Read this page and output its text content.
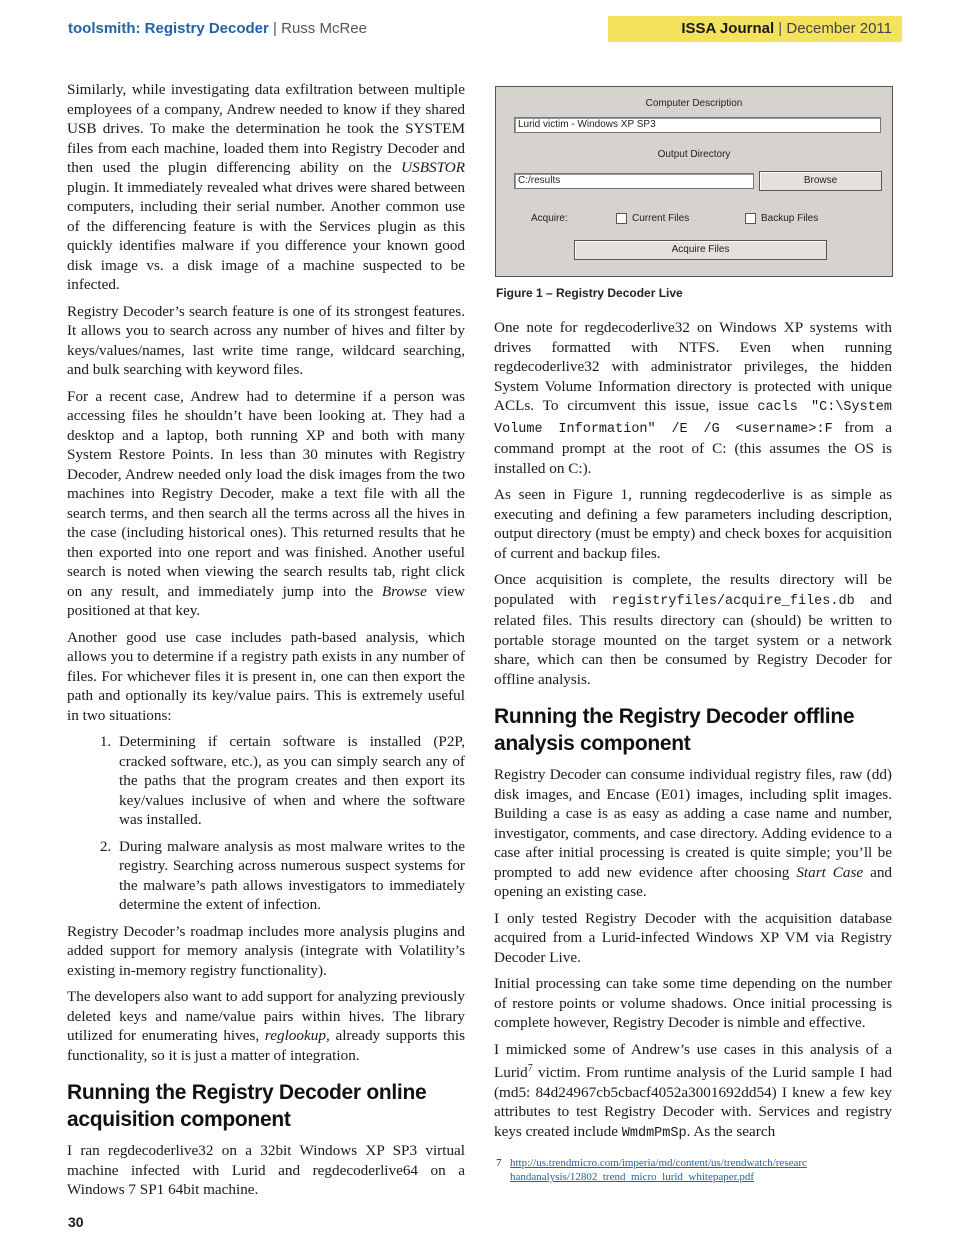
toolsmith: Registry Decoder | Russ McRee	ISSA Journal | December 2011

Similarly, while investigating data exfiltration between multiple employees of a company, Andrew needed to know if they shared USB drives. To make the determination he took the SYSTEM files from each machine, loaded them into Registry Decoder and then used the plugin differencing ability on the USBSTOR plugin. It immediately revealed what drives were shared between computers, including their serial number. Another common use of the differencing feature is with the Services plugin as this quickly identifies malware if you difference your known good disk image vs. a disk image of a machine suspected to be infected.

Registry Decoder’s search feature is one of its strongest features. It allows you to search across any number of hives and filter by keys/values/names, last write time range, wildcard searching, and bulk searching with keyword files.

For a recent case, Andrew had to determine if a person was accessing files he shouldn’t have been looking at. They had a desktop and a laptop, both running XP and both with many System Restore Points. In less than 30 minutes with Registry Decoder, Andrew needed only load the disk images from the two machines into Registry Decoder, make a text file with all the search terms, and then search all the terms across all the hives in the case (including historical ones). This returned results that he then exported into one report and was finished. Another useful search is noted when viewing the search results tab, right click on any result, and immediately jump into the Browse view positioned at that key.

Another good use case includes path-based analysis, which allows you to determine if a registry path exists in any number of files. For whichever files it is present in, one can then export the path and optionally its key/value pairs. This is extremely useful in two situations:

1. Determining if certain software is installed (P2P, cracked software, etc.), as you can simply search any of the paths that the program creates and then export its key/values inclusive of when and where the software was installed.
2. During malware analysis as most malware writes to the registry. Searching across numerous suspect systems for the malware’s path allows investigators to immediately determine the extent of infection.

Registry Decoder’s roadmap includes more analysis plugins and added support for memory analysis (integrate with Volatility’s existing in-memory registry functionality).

The developers also want to add support for analyzing previously deleted keys and name/value pairs within hives. The library utilized for enumerating hives, reglookup, already supports this functionality, so it is just a matter of integration.

Running the Registry Decoder online acquisition component

I ran regdecoderlive32 on a 32bit Windows XP SP3 virtual machine infected with Lurid and regdecoderlive64 on a Windows 7 SP1 64bit machine.

Computer Description
Lurid victim - Windows XP SP3
Output Directory
C:/results	Browse
Acquire:	Current Files	Backup Files
Acquire Files
Figure 1 – Registry Decoder Live

One note for regdecoderlive32 on Windows XP systems with drives formatted with NTFS. Even when running regdecoderlive32 with administrator privileges, the hidden System Volume Information directory is protected with unique ACLs. To circumvent this issue, issue cacls "C:\System Volume Information" /E /G <username>:F from a command prompt at the root of C: (this assumes the OS is installed on C:).

As seen in Figure 1, running regdecoderlive is as simple as executing and defining a few parameters including description, output directory (must be empty) and check boxes for acquisition of current and backup files.

Once acquisition is complete, the results directory will be populated with registryfiles/acquire_files.db and related files. This results directory can (should) be written to portable storage mounted on the target system or a network share, which can then be consumed by Registry Decoder for offline analysis.

Running the Registry Decoder offline analysis component

Registry Decoder can consume individual registry files, raw (dd) disk images, and Encase (E01) images, including split images. Building a case is as easy as adding a case name and number, investigator, comments, and case directory. Adding evidence to a case after initial processing is created is quite simple; you’ll be prompted to add new evidence after choosing Start Case and opening an existing case.

I only tested Registry Decoder with the acquisition database acquired from a Lurid-infected Windows XP VM via Registry Decoder Live.

Initial processing can take some time depending on the number of restore points or volume shadows. Once initial processing is complete however, Registry Decoder is nimble and effective.

I mimicked some of Andrew’s use cases in this analysis of a Lurid$^7$ victim. From runtime analysis of the Lurid sample I had (md5: 84d24967cb5cbacf4052a3001692dd54) I knew a few key attributes to test Registry Decoder with. Services and registry keys created include WmdmPmSp. As the search

7 http://us.trendmicro.com/imperia/md/content/us/trendwatch/researchandanalysis/12802_trend_micro_lurid_whitepaper.pdf
30
